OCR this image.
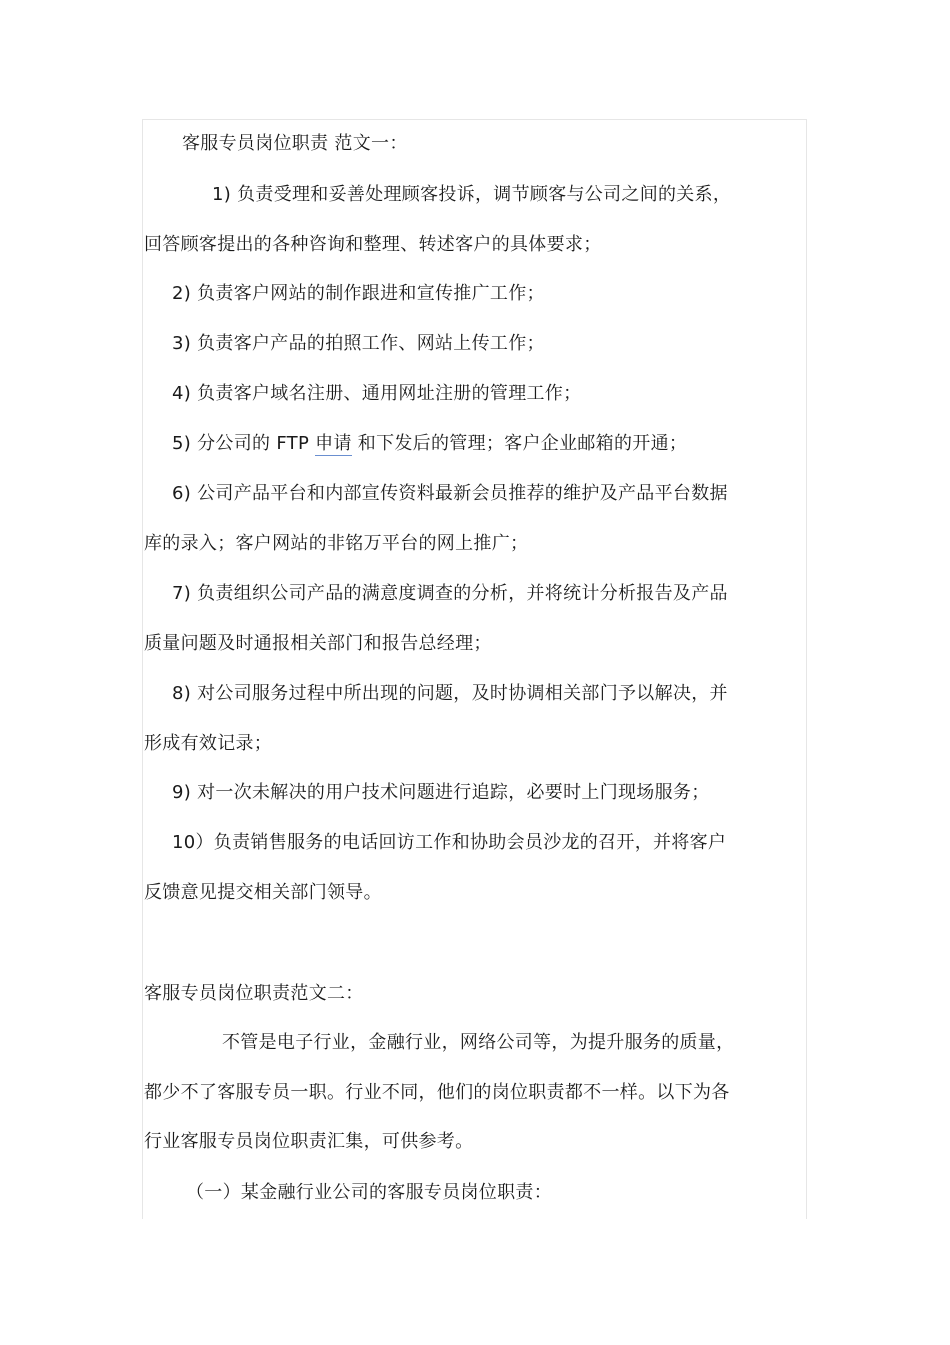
客服专员岗位职责 范文一：
1) 负责受理和妥善处理顾客投诉，调节顾客与公司之间的关系，
回答顾客提出的各种咨询和整理、转述客户的具体要求；
2) 负责客户网站的制作跟进和宣传推广工作；
3) 负责客户产品的拍照工作、网站上传工作；
4) 负责客户域名注册、通用网址注册的管理工作；
5) 分公司的 FTP 申请 和下发后的管理；客户企业邮箱的开通；
6) 公司产品平台和内部宣传资料最新会员推荐的维护及产品平台数据
库的录入；客户网站的非铭万平台的网上推广；
7) 负责组织公司产品的满意度调查的分析，并将统计分析报告及产品
质量问题及时通报相关部门和报告总经理；
8) 对公司服务过程中所出现的问题，及时协调相关部门予以解决，并
形成有效记录；
9) 对一次未解决的用户技术问题进行追踪，必要时上门现场服务；
10）负责销售服务的电话回访工作和协助会员沙龙的召开，并将客户
反馈意见提交相关部门领导。
客服专员岗位职责范文二：
不管是电子行业，金融行业，网络公司等，为提升服务的质量，
都少不了客服专员一职。行业不同，他们的岗位职责都不一样。以下为各
行业客服专员岗位职责汇集，可供参考。
（一）某金融行业公司的客服专员岗位职责：
